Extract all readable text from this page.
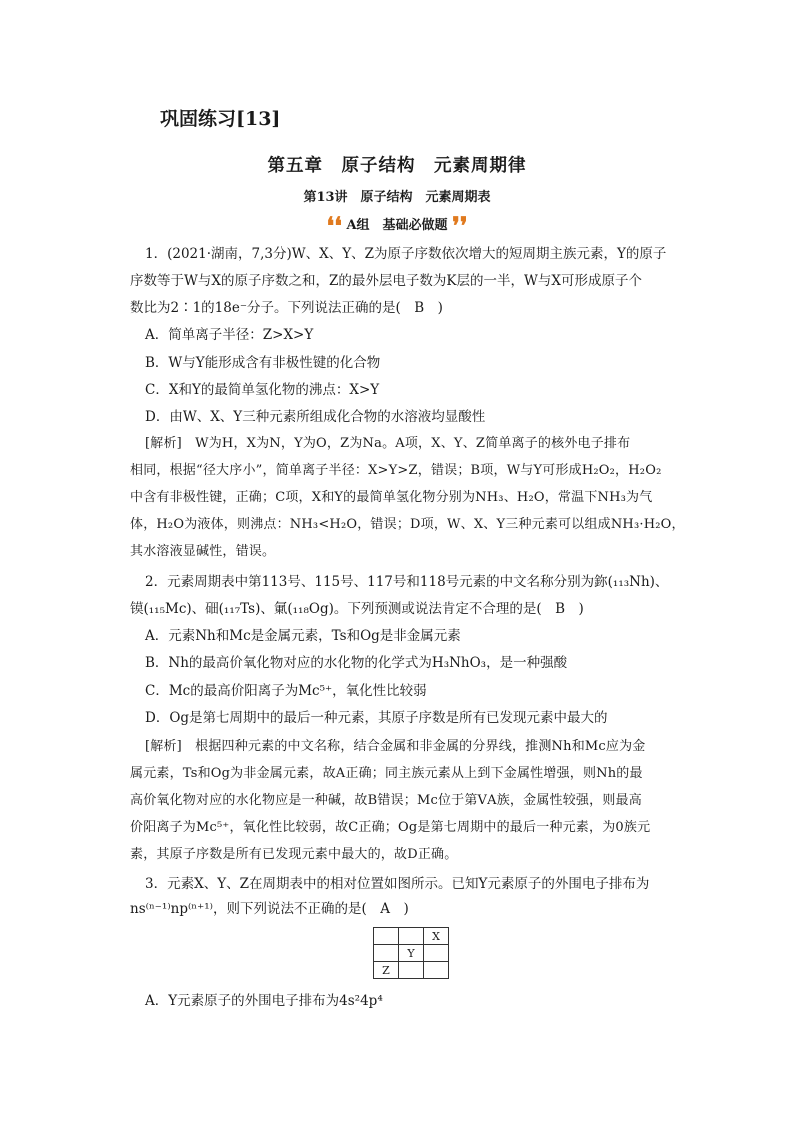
巩固练习[13]
第五章　原子结构　元素周期律
第13讲　原子结构　元素周期表
❛❛ A组　基础必做题 ❜❜
1．(2021·湖南，7,3分)W、X、Y、Z为原子序数依次增大的短周期主族元素，Y的原子
序数等于W与X的原子序数之和，Z的最外层电子数为K层的一半，W与X可形成原子个
数比为2∶1的18e⁻分子。下列说法正确的是(　B　)
A．简单离子半径：Z>X>Y
B．W与Y能形成含有非极性键的化合物
C．X和Y的最简单氢化物的沸点：X>Y
D．由W、X、Y三种元素所组成化合物的水溶液均显酸性
[解析]　W为H，X为N，Y为O，Z为Na。A项，X、Y、Z简单离子的核外电子排布
相同，根据“径大序小”，简单离子半径：X>Y>Z，错误；B项，W与Y可形成H₂O₂，H₂O₂
中含有非极性键，正确；C项，X和Y的最简单氢化物分别为NH₃、H₂O，常温下NH₃为气
体，H₂O为液体，则沸点：NH₃<H₂O，错误；D项，W、X、Y三种元素可以组成NH₃·H₂O，
其水溶液显碱性，错误。
2．元素周期表中第113号、115号、117号和118号元素的中文名称分别为鉨(₁₁₃Nh)、
镆(₁₁₅Mc)、鿬(₁₁₇Ts)、氭(₁₁₈Og)。下列预测或说法肯定不合理的是(　B　)
A．元素Nh和Mc是金属元素，Ts和Og是非金属元素
B．Nh的最高价氧化物对应的水化物的化学式为H₃NhO₃，是一种强酸
C．Mc的最高价阳离子为Mc⁵⁺，氧化性比较弱
D．Og是第七周期中的最后一种元素，其原子序数是所有已发现元素中最大的
[解析]　根据四种元素的中文名称，结合金属和非金属的分界线，推测Nh和Mc应为金
属元素，Ts和Og为非金属元素，故A正确；同主族元素从上到下金属性增强，则Nh的最
高价氧化物对应的水化物应是一种碱，故B错误；Mc位于第ⅤA族，金属性较强，则最高
价阳离子为Mc⁵⁺，氧化性比较弱，故C正确；Og是第七周期中的最后一种元素，为0族元
素，其原子序数是所有已发现元素中最大的，故D正确。
3．元素X、Y、Z在周期表中的相对位置如图所示。已知Y元素原子的外围电子排布为
ns⁽ⁿ⁻¹⁾np⁽ⁿ⁺¹⁾，则下列说法不正确的是(　A　)
		X
	Y	
Z		
A．Y元素原子的外围电子排布为4s²4p⁴
